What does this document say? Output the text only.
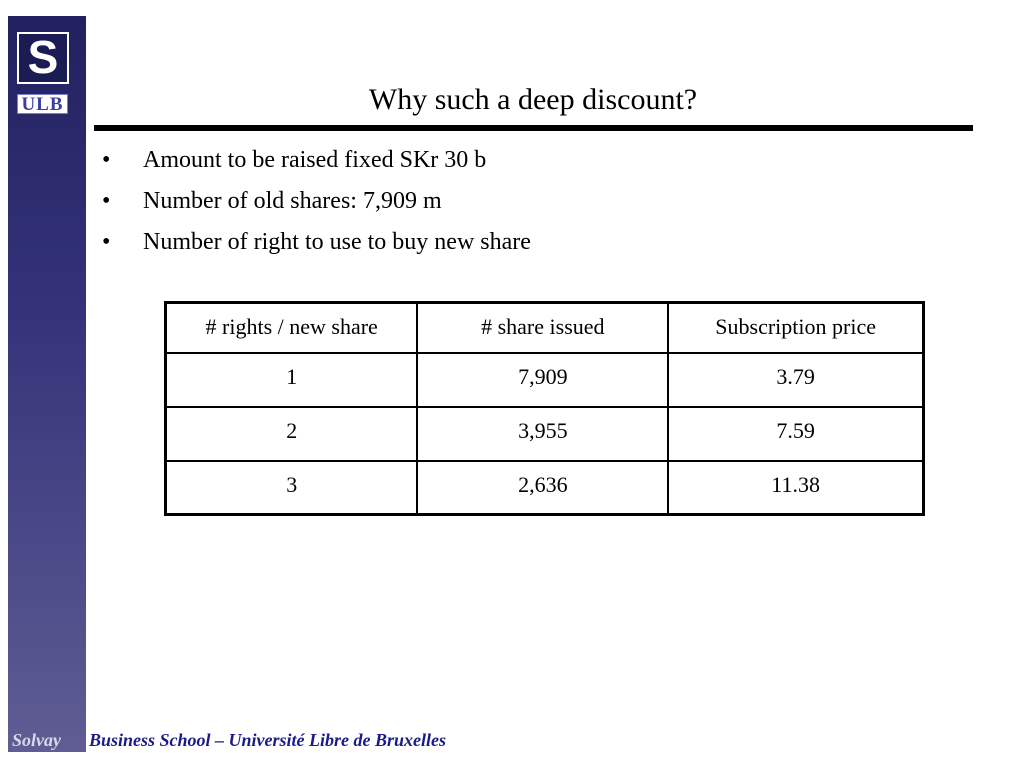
S
ULB	Why such a deep discount?
• Amount to be raised fixed SKr 30 b
• Number of old shares: 7,909 m
• Number of right to use to buy new share
# rights / new share	# share issued	Subscription price
1	7,909	3.79
2	3,955	7.59
3	2,636	11.38
Solvay Business School – Université Libre de Bruxelles
